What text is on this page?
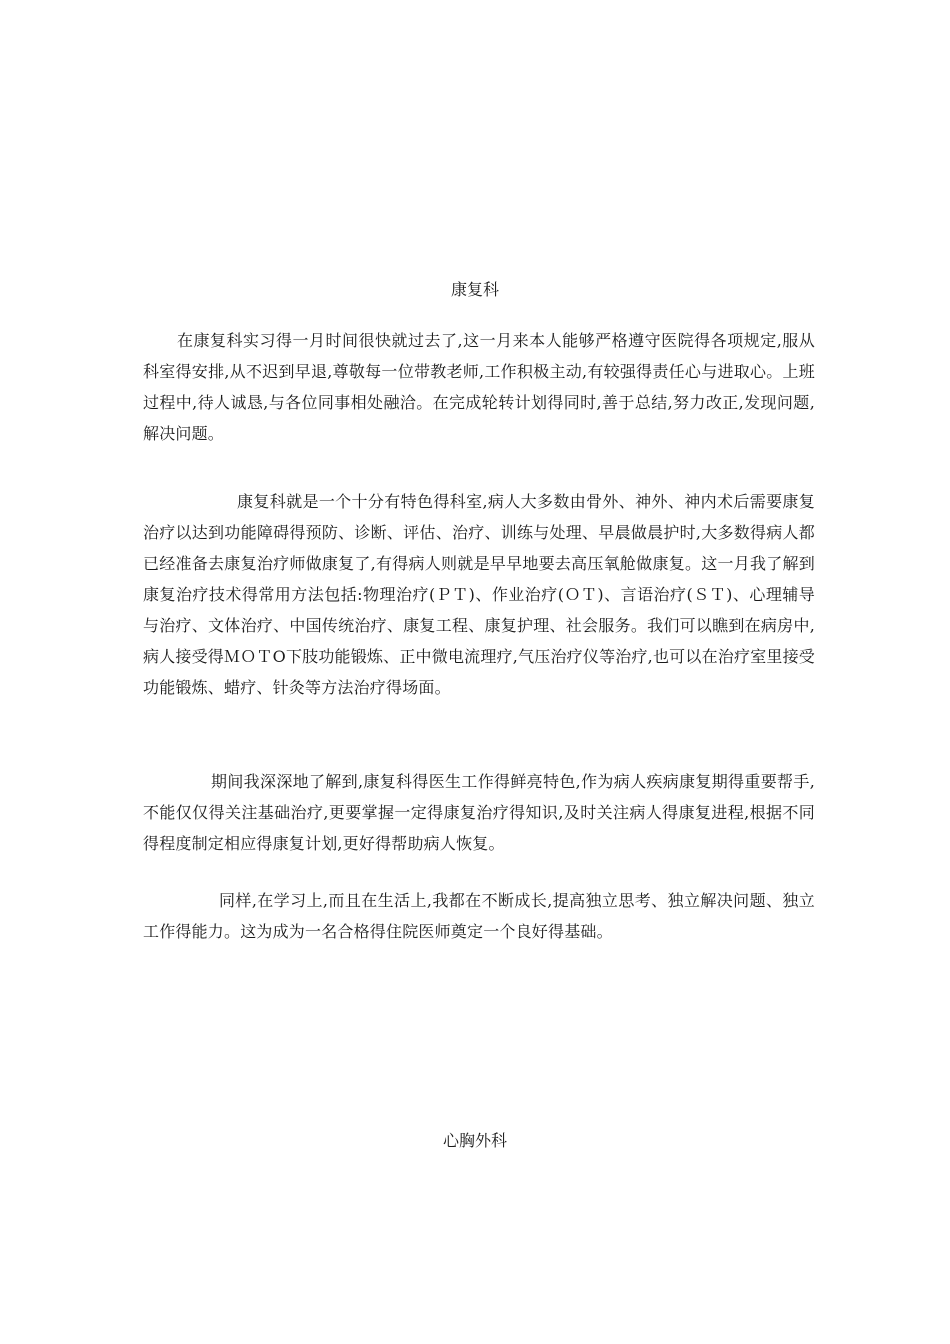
康复科

在康复科实习得一月时间很快就过去了,这一月来本人能够严格遵守医院得各项规定,服从科室得安排,从不迟到早退,尊敬每一位带教老师,工作积极主动,有较强得责任心与进取心。上班过程中,待人诚恳,与各位同事相处融洽。在完成轮转计划得同时,善于总结,努力改正,发现问题,解决问题。

康复科就是一个十分有特色得科室,病人大多数由骨外、神外、神内术后需要康复治疗以达到功能障碍得预防、诊断、评估、治疗、训练与处理、早晨做晨护时,大多数得病人都已经准备去康复治疗师做康复了,有得病人则就是早早地要去高压氧舱做康复。这一月我了解到康复治疗技术得常用方法包括:物理治疗(ＰＴ)、作业治疗(ＯＴ)、言语治疗(ＳＴ)、心理辅导与治疗、文体治疗、中国传统治疗、康复工程、康复护理、社会服务。我们可以瞧到在病房中,病人接受得ＭＯＴO下肢功能锻炼、正中微电流理疗,气压治疗仪等治疗,也可以在治疗室里接受功能锻炼、蜡疗、针灸等方法治疗得场面。

期间我深深地了解到,康复科得医生工作得鲜亮特色,作为病人疾病康复期得重要帮手,不能仅仅得关注基础治疗,更要掌握一定得康复治疗得知识,及时关注病人得康复进程,根据不同得程度制定相应得康复计划,更好得帮助病人恢复。

同样,在学习上,而且在生活上,我都在不断成长,提高独立思考、独立解决问题、独立工作得能力。这为成为一名合格得住院医师奠定一个良好得基础。

心胸外科
